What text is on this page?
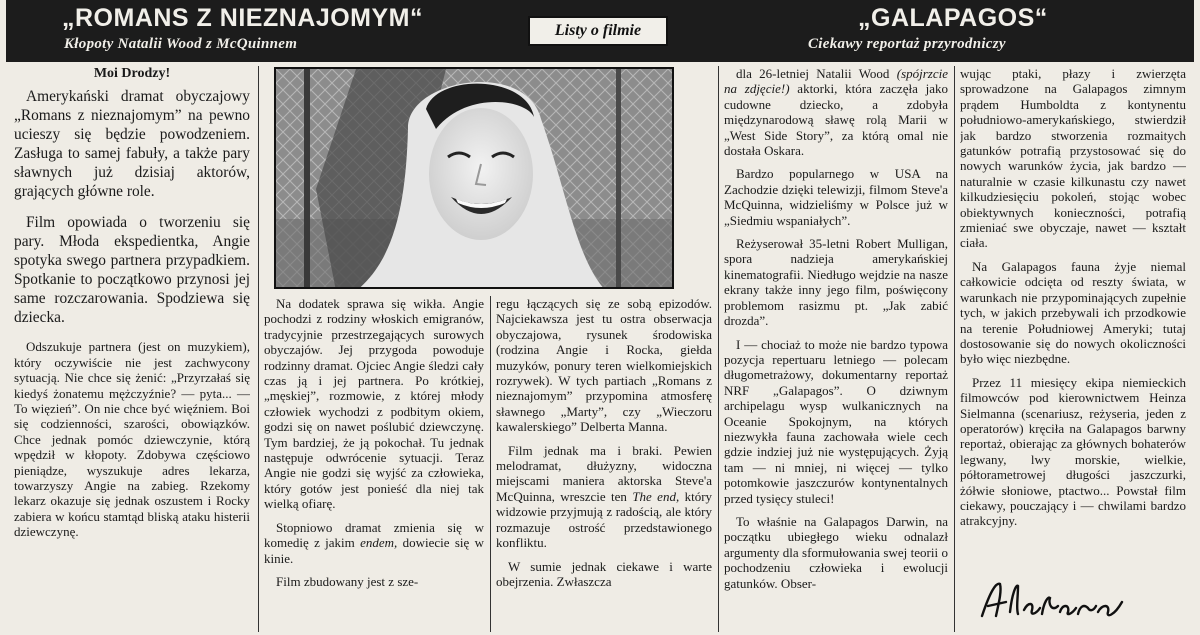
„ROMANS Z NIEZNAJOMYM“
Kłopoty Natalii Wood z McQuinnem
Listy o filmie	„GALAPAGOS“
Ciekawy reportaż przyrodniczy
Moi Drodzy!

Amerykański dramat obyczajowy „Romans z nieznajomym” na pewno ucieszy się będzie powodzeniem. Zasługa to samej fabuły, a także pary sławnych już dzisiaj aktorów, grających główne role.

Film opowiada o tworzeniu się pary. Młoda ekspedientka, Angie spotyka swego partnera przypadkiem. Spotkanie to początkowo przynosi jej same rozczarowania. Spodziewa się dziecka.

Odszukuje partnera (jest on muzykiem), który oczywiście nie jest zachwycony sytuacją. Nie chce się żenić: „Przyrzałaś się kiedyś żonatemu mężczyźnie? — pyta... — To więzień”. On nie chce być więźniem. Boi się codzienności, szarości, obowiązków. Chce jednak pomóc dziewczynie, którą wpędził w kłopoty. Zdobywa częściowo pieniądze, wyszukuje adres lekarza, towarzyszy Angie na zabieg. Rzekomy lekarz okazuje się jednak oszustem i Rocky zabiera w końcu stamtąd bliską ataku histerii dziewczynę.

Na dodatek sprawa się wikła. Angie pochodzi z rodziny włoskich emigranów, tradycyjnie przestrzegających surowych obyczajów. Jej przygoda powoduje rodzinny dramat. Ojciec Angie śledzi cały czas ją i jej partnera. Po krótkiej, „męskiej”, rozmowie, z której młody człowiek wychodzi z podbitym okiem, godzi się on nawet poślubić dziewczynę. Tym bardziej, że ją pokochał. Tu jednak następuje odwrócenie sytuacji. Teraz Angie nie godzi się wyjść za człowieka, który gotów jest ponieść dla niej tak wielką ofiarę.

Stopniowo dramat zmienia się w komedię z jakim endem, dowiecie się w kinie.

Film zbudowany jest z sze-

regu łączących się ze sobą epizodów. Najciekawsza jest tu ostra obserwacja obyczajowa, rysunek środowiska (rodzina Angie i Rocka, giełda muzyków, ponury teren wielkomiejskich rozrywek). W tych partiach „Romans z nieznajomym” przypomina atmosferę sławnego „Marty”, czy „Wieczoru kawalerskiego” Delberta Manna.

Film jednak ma i braki. Pewien melodramat, dłużyzny, widoczna miejscami maniera aktorska Steve'a McQuinna, wreszcie ten The end, który widzowie przyjmują z radością, ale który rozmazuje ostrość przedstawionego konfliktu.

W sumie jednak ciekawe i warte obejrzenia. Zwłaszcza

dla 26-letniej Natalii Wood (spójrzcie na zdjęcie!) aktorki, która zaczęła jako cudowne dziecko, a zdobyła międzynarodową sławę rolą Marii w „West Side Story”, za którą omal nie dostała Oskara.

Bardzo popularnego w USA na Zachodzie dzięki telewizji, filmom Steve'a McQuinna, widzieliśmy w Polsce już w „Siedmiu wspaniałych”.

Reżyserował 35-letni Robert Mulligan, spora nadzieja amerykańskiej kinematografii. Niedługo wejdzie na nasze ekrany także inny jego film, poświęcony problemom rasizmu pt. „Jak zabić drozda”.

I — chociaż to może nie bardzo typowa pozycja repertuaru letniego — polecam długometrażowy, dokumentarny reportaż NRF „Galapagos”. O dziwnym archipelagu wysp wulkanicznych na Oceanie Spokojnym, na których niezwykła fauna zachowała wiele cech gdzie indziej już nie występujących. Żyją tam — ni mniej, ni więcej — tylko potomkowie jaszczurów kontynentalnych przed tysięcy stuleci!

To właśnie na Galapagos Darwin, na początku ubiegłego wieku odnalazł argumenty dla sformułowania swej teorii o pochodzeniu człowieka i ewolucji gatunków. Obser-

wując ptaki, płazy i zwierzęta sprowadzone na Galapagos zimnym prądem Humboldta z kontynentu południowo-amerykańskiego, stwierdził jak bardzo stworzenia rozmaitych gatunków potrafią przystosować się do nowych warunków życia, jak bardzo — naturalnie w czasie kilkunastu czy nawet kilkudziesięciu pokoleń, stojąc wobec obiektywnych konieczności, potrafią zmieniać swe obyczaje, nawet — kształt ciała.

Na Galapagos fauna żyje niemal całkowicie odcięta od reszty świata, w warunkach nie przypominających zupełnie tych, w jakich przebywali ich przodkowie na terenie Południowej Ameryki; tutaj dostosowanie się do nowych okoliczności było więc niezbędne.

Przez 11 miesięcy ekipa niemieckich filmowców pod kierownictwem Heinza Sielmanna (scenariusz, reżyseria, jeden z operatorów) kręciła na Galapagos barwny reportaż, obierając za głównych bohaterów legwany, lwy morskie, wielkie, półtorametrowej długości jaszczurki, żółwie słoniowe, ptactwo... Powstał film ciekawy, pouczający i — chwilami bardzo atrakcyjny.
